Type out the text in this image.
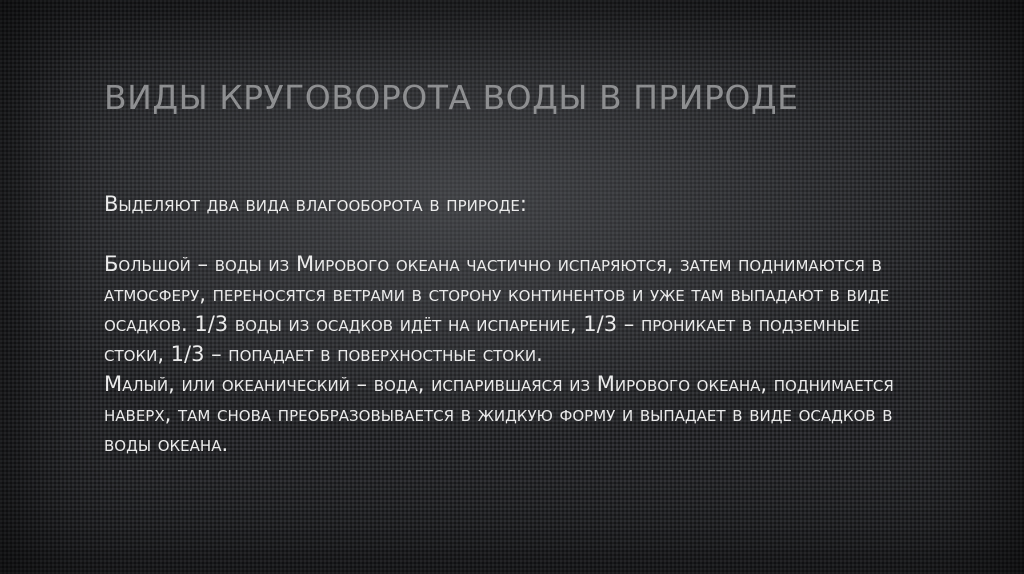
ВИДЫ КРУГОВОРОТА ВОДЫ В ПРИРОДЕ

Выделяют два вида влагооборота в природе:

Большой – воды из Мирового океана частично испаряются, затем поднимаются в атмосферу, переносятся ветрами в сторону континентов и уже там выпадают в виде осадков. 1/3 воды из осадков идёт на испарение, 1/3 – проникает в подземные стоки, 1/3 – попадает в поверхностные стоки.

Малый, или океанический – вода, испарившаяся из Мирового океана, поднимается наверх, там снова преобразовывается в жидкую форму и выпадает в виде осадков в воды океана.
